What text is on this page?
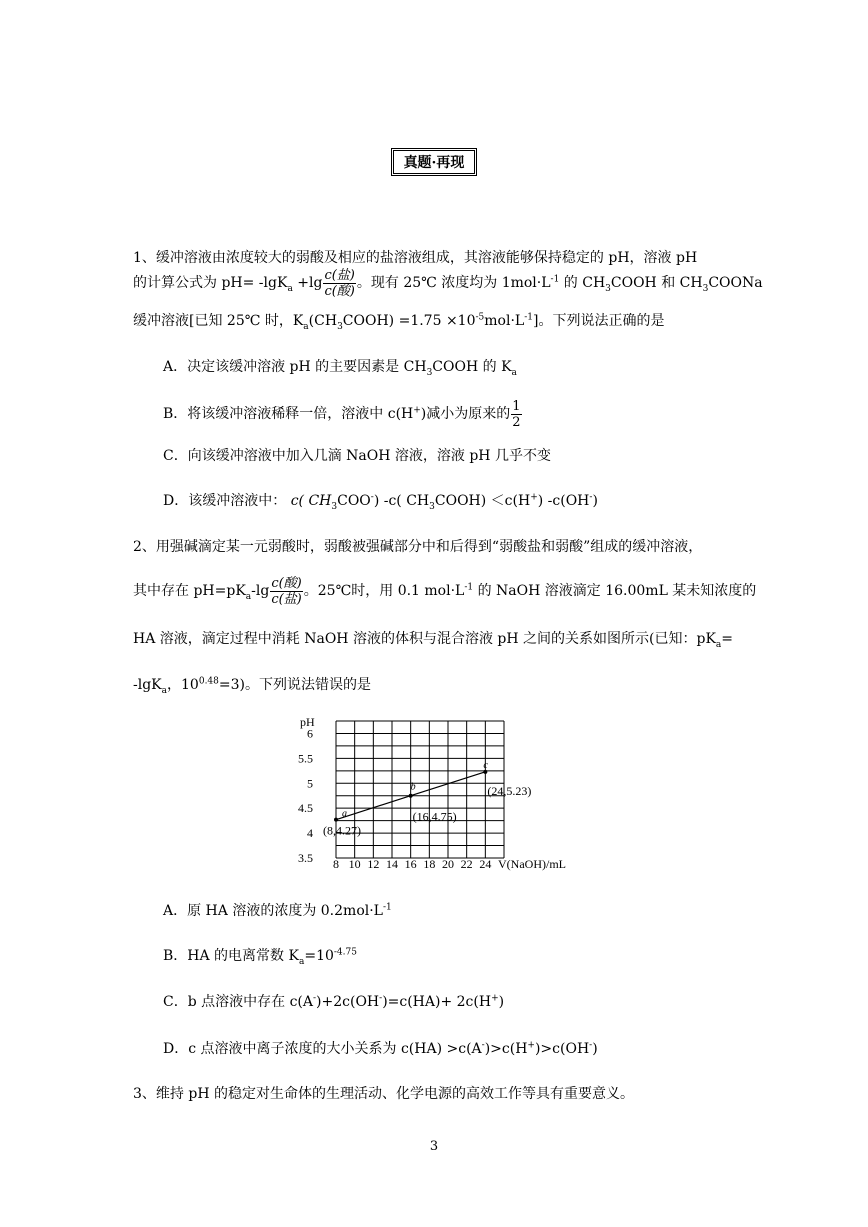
真题·再现
1、缓冲溶液由浓度较大的弱酸及相应的盐溶液组成，其溶液能够保持稳定的 pH，溶液 pH
的计算公式为 $pH= -\lg K_a +\lg \frac{\text{c(盐)}}{\text{c(酸)}}$ 。现有 25℃ 浓度均为 $1mol\cdot L^{-1}$ 的 $CH_3COOH$ 和 $CH_3COONa$
缓冲溶液[已知 25℃ 时，$K_a(CH_3COOH) =1.75 \times 10^{-5}mol\cdot L^{-1}$]。下列说法正确的是
A．决定该缓冲溶液 pH 的主要因素是 $CH_3COOH$ 的 $K_a$
B．将该缓冲溶液稀释一倍，溶液中 c(H+)减小为原来的 $\frac{1}{2}$
C．向该缓冲溶液中加入几滴 NaOH 溶液，溶液 pH 几乎不变
D．该缓冲溶液中： c( $CH_3COO^-$) -c( $CH_3COOH) <c(H^+)$ -c(OH-)
2、用强碱滴定某一元弱酸时，弱酸被强碱部分中和后得到“弱酸盐和弱酸”组成的缓冲溶液，
其中存在 $pH=pK_a-\lg \frac{\text{c(酸)}}{\text{c(盐)}}$ 。25℃时，用 0.1 $mol\cdot L^{-1}$ 的 NaOH 溶液滴定 16.00mL 某未知浓度的
HA 溶液，滴定过程中消耗 NaOH 溶液的体积与混合溶液 pH 之间的关系如图所示(已知：$pK_a=$
-lgK$_a$，$10^{0.48}=3$)。下列说法错误的是
8 10 12 14 16 18 20 22 24
3.5
4
4.5
5
5.5
6
(8,4.27)
a	(16,4.75)
b	(24,5.23)
c
pH
V(NaOH)/mL
A．原 HA 溶液的浓度为 $0.2mol\cdot L^{-1}$
B．HA 的电离常数 $K_a=10^{-4.75}$
C．b 点溶液中存在 c(A-)+2c(OH-)=c(HA)+ 2c(H+)
D．c 点溶液中离子浓度的大小关系为 c(HA) >c(A-)>c(H+)>c(OH-)
3、维持 pH 的稳定对生命体的生理活动、化学电源的高效工作等具有重要意义。
3
